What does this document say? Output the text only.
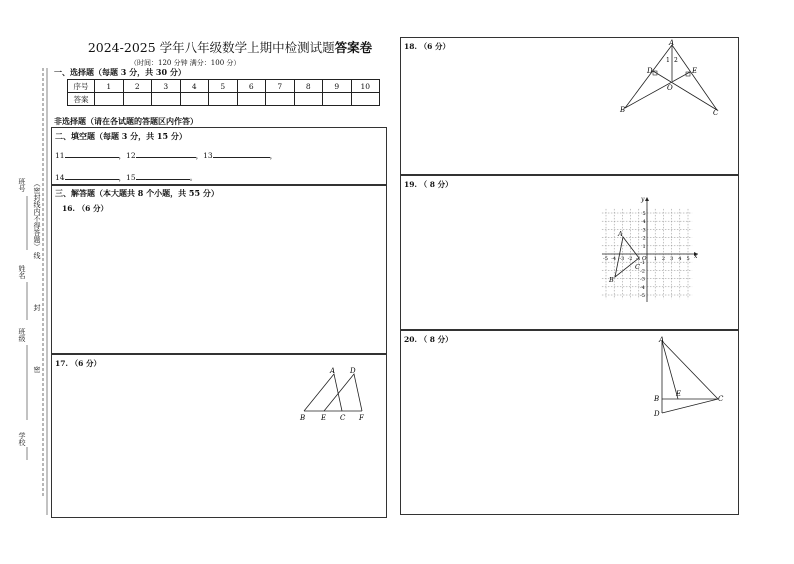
班号 （密封线内不得答题）
线
姓名
封
班级
密
学校
2024-2025 学年八年级数学上期中检测试题答案卷
（时间：120 分钟 满分：100 分）
一、选择题（每题 3 分，共 30 分）
序号	1	2	3	4	5	6	7	8	9	10
答案										
非选择题（请在各试题的答题区内作答）
二、填空题（每题 3 分，共 15 分）
11	，12	，13	，
14	，15	。
三、解答题（本大题共 8 个小题，共 55 分）
16. （6 分）
17. （6 分）
A D
B E C F
18. （6 分）
19. （ 8 分）
20. （ 8 分）
A
D	E
O
B	C
1 2
-5 -4 -3 -2 -1	1 2 3 4 5
5
4
3
2
1
-1
-2
-3
-4
-5
x
y
O
A
B
C
A
B
E
C
D
